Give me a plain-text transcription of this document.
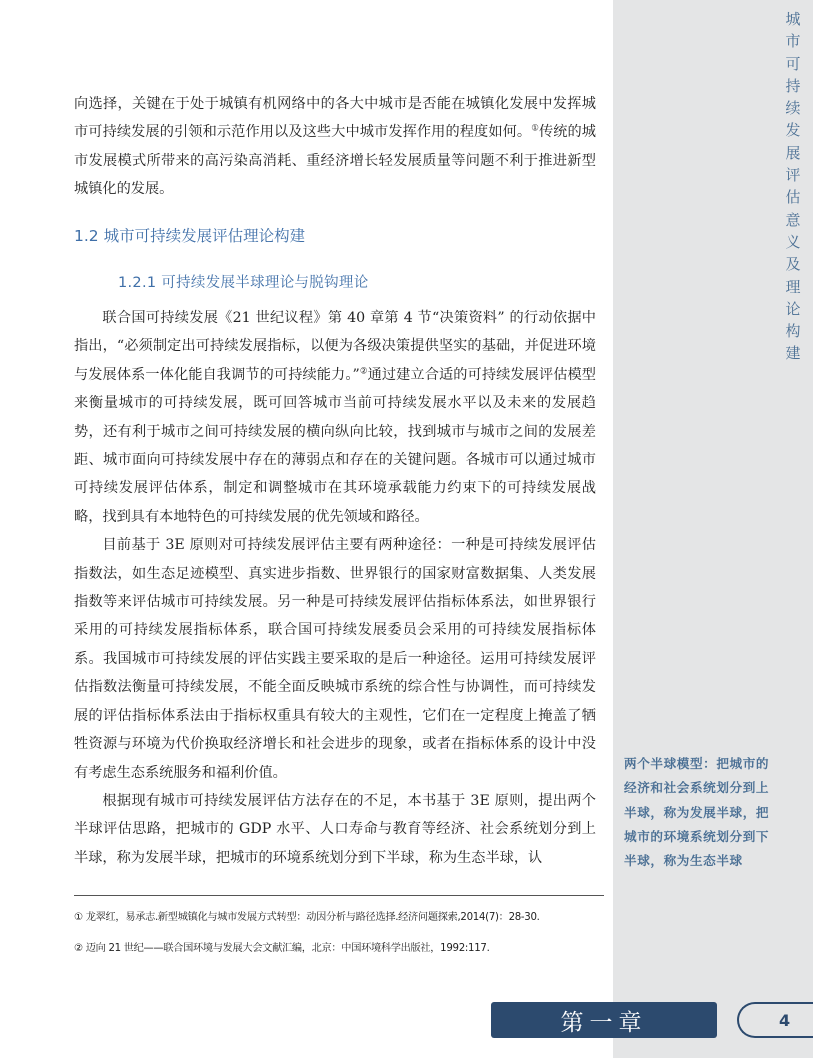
城
市
可
持
续
发
展
评
估
意
义
及
理
论
构
建
两个半球模型：把城市的经济和社会系统划分到上半球，称为发展半球，把城市的环境系统划分到下半球，称为生态半球

向选择，关键在于处于城镇有机网络中的各大中城市是否能在城镇化发展中发挥城市可持续发展的引领和示范作用以及这些大中城市发挥作用的程度如何。①传统的城市发展模式所带来的高污染高消耗、重经济增长轻发展质量等问题不利于推进新型城镇化的发展。

1.2 城市可持续发展评估理论构建
1.2.1 可持续发展半球理论与脱钩理论

联合国可持续发展《21 世纪议程》第 40 章第 4 节“决策资料” 的行动依据中指出，“必须制定出可持续发展指标，以便为各级决策提供坚实的基础，并促进环境与发展体系一体化能自我调节的可持续能力。”②通过建立合适的可持续发展评估模型来衡量城市的可持续发展，既可回答城市当前可持续发展水平以及未来的发展趋势，还有利于城市之间可持续发展的横向纵向比较，找到城市与城市之间的发展差距、城市面向可持续发展中存在的薄弱点和存在的关键问题。各城市可以通过城市可持续发展评估体系，制定和调整城市在其环境承载能力约束下的可持续发展战略，找到具有本地特色的可持续发展的优先领域和路径。

目前基于 3E 原则对可持续发展评估主要有两种途径：一种是可持续发展评估指数法，如生态足迹模型、真实进步指数、世界银行的国家财富数据集、人类发展指数等来评估城市可持续发展。另一种是可持续发展评估指标体系法，如世界银行采用的可持续发展指标体系，联合国可持续发展委员会采用的可持续发展指标体系。我国城市可持续发展的评估实践主要采取的是后一种途径。运用可持续发展评估指数法衡量可持续发展，不能全面反映城市系统的综合性与协调性，而可持续发展的评估指标体系法由于指标权重具有较大的主观性，它们在一定程度上掩盖了牺牲资源与环境为代价换取经济增长和社会进步的现象，或者在指标体系的设计中没有考虑生态系统服务和福利价值。

根据现有城市可持续发展评估方法存在的不足，本书基于 3E 原则，提出两个半球评估思路，把城市的 GDP 水平、人口寿命与教育等经济、社会系统划分到上半球，称为发展半球，把城市的环境系统划分到下半球，称为生态半球，认

① 龙翠红，易承志.新型城镇化与城市发展方式转型：动因分析与路径选择.经济问题探索,2014(7)：28-30.
② 迈向 21 世纪——联合国环境与发展大会文献汇编，北京：中国环境科学出版社，1992:117.
第一章	4
